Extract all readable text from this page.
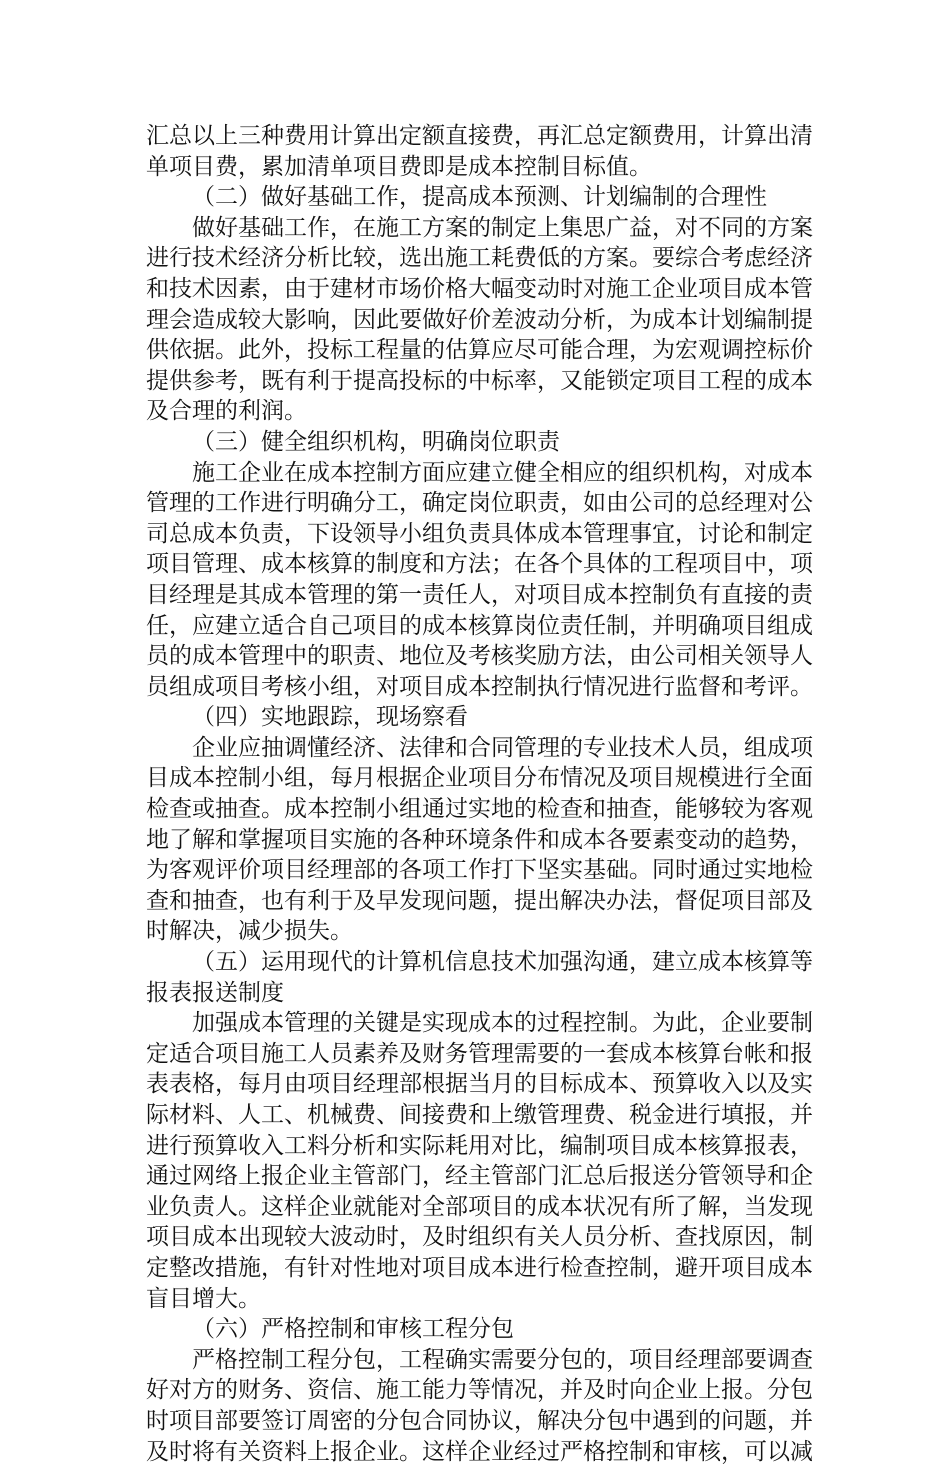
汇总以上三种费用计算出定额直接费，再汇总定额费用，计算出清
单项目费，累加清单项目费即是成本控制目标值。
（二）做好基础工作，提高成本预测、计划编制的合理性
做好基础工作，在施工方案的制定上集思广益，对不同的方案
进行技术经济分析比较，选出施工耗费低的方案。要综合考虑经济
和技术因素，由于建材市场价格大幅变动时对施工企业项目成本管
理会造成较大影响，因此要做好价差波动分析，为成本计划编制提
供依据。此外，投标工程量的估算应尽可能合理，为宏观调控标价
提供参考，既有利于提高投标的中标率，又能锁定项目工程的成本
及合理的利润。
（三）健全组织机构，明确岗位职责
施工企业在成本控制方面应建立健全相应的组织机构，对成本
管理的工作进行明确分工，确定岗位职责，如由公司的总经理对公
司总成本负责，下设领导小组负责具体成本管理事宜，讨论和制定
项目管理、成本核算的制度和方法；在各个具体的工程项目中，项
目经理是其成本管理的第一责任人，对项目成本控制负有直接的责
任，应建立适合自己项目的成本核算岗位责任制，并明确项目组成
员的成本管理中的职责、地位及考核奖励方法，由公司相关领导人
员组成项目考核小组，对项目成本控制执行情况进行监督和考评。
（四）实地跟踪，现场察看
企业应抽调懂经济、法律和合同管理的专业技术人员，组成项
目成本控制小组，每月根据企业项目分布情况及项目规模进行全面
检查或抽查。成本控制小组通过实地的检查和抽查，能够较为客观
地了解和掌握项目实施的各种环境条件和成本各要素变动的趋势，
为客观评价项目经理部的各项工作打下坚实基础。同时通过实地检
查和抽查，也有利于及早发现问题，提出解决办法，督促项目部及
时解决，减少损失。
（五）运用现代的计算机信息技术加强沟通，建立成本核算等
报表报送制度
加强成本管理的关键是实现成本的过程控制。为此，企业要制
定适合项目施工人员素养及财务管理需要的一套成本核算台帐和报
表表格，每月由项目经理部根据当月的目标成本、预算收入以及实
际材料、人工、机械费、间接费和上缴管理费、税金进行填报，并
进行预算收入工料分析和实际耗用对比，编制项目成本核算报表，
通过网络上报企业主管部门，经主管部门汇总后报送分管领导和企
业负责人。这样企业就能对全部项目的成本状况有所了解，当发现
项目成本出现较大波动时，及时组织有关人员分析、查找原因，制
定整改措施，有针对性地对项目成本进行检查控制，避开项目成本
盲目增大。
（六）严格控制和审核工程分包
严格控制工程分包，工程确实需要分包的，项目经理部要调查
好对方的财务、资信、施工能力等情况，并及时向企业上报。分包
时项目部要签订周密的分包合同协议，解决分包中遇到的问题，并
及时将有关资料上报企业。这样企业经过严格控制和审核，可以减
